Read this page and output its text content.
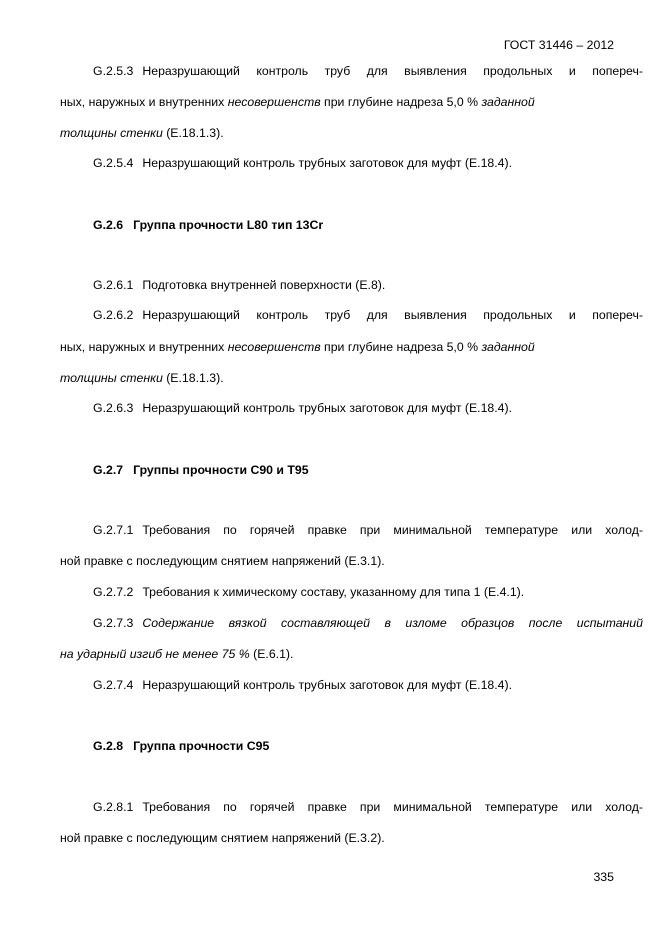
ГОСТ 31446 – 2012
G.2.5.3 Неразрушающий контроль труб для выявления продольных и попереч-
ных, наружных и внутренних несовершенств при глубине надреза 5,0 % заданной
толщины стенки (E.18.1.3).
G.2.5.4 Неразрушающий контроль трубных заготовок для муфт (E.18.4).
G.2.6 Группа прочности L80 тип 13Cr
G.2.6.1 Подготовка внутренней поверхности (E.8).
G.2.6.2 Неразрушающий контроль труб для выявления продольных и попереч-
ных, наружных и внутренних несовершенств при глубине надреза 5,0 % заданной
толщины стенки (E.18.1.3).
G.2.6.3 Неразрушающий контроль трубных заготовок для муфт (E.18.4).
G.2.7 Группы прочности C90 и T95
G.2.7.1 Требования по горячей правке при минимальной температуре или холод-
ной правке с последующим снятием напряжений (E.3.1).
G.2.7.2 Требования к химическому составу, указанному для типа 1 (E.4.1).
G.2.7.3 Содержание вязкой составляющей в изломе образцов после испытаний
на ударный изгиб не менее 75 % (E.6.1).
G.2.7.4 Неразрушающий контроль трубных заготовок для муфт (E.18.4).
G.2.8 Группа прочности C95
G.2.8.1 Требования по горячей правке при минимальной температуре или холод-
ной правке с последующим снятием напряжений (E.3.2).
335
